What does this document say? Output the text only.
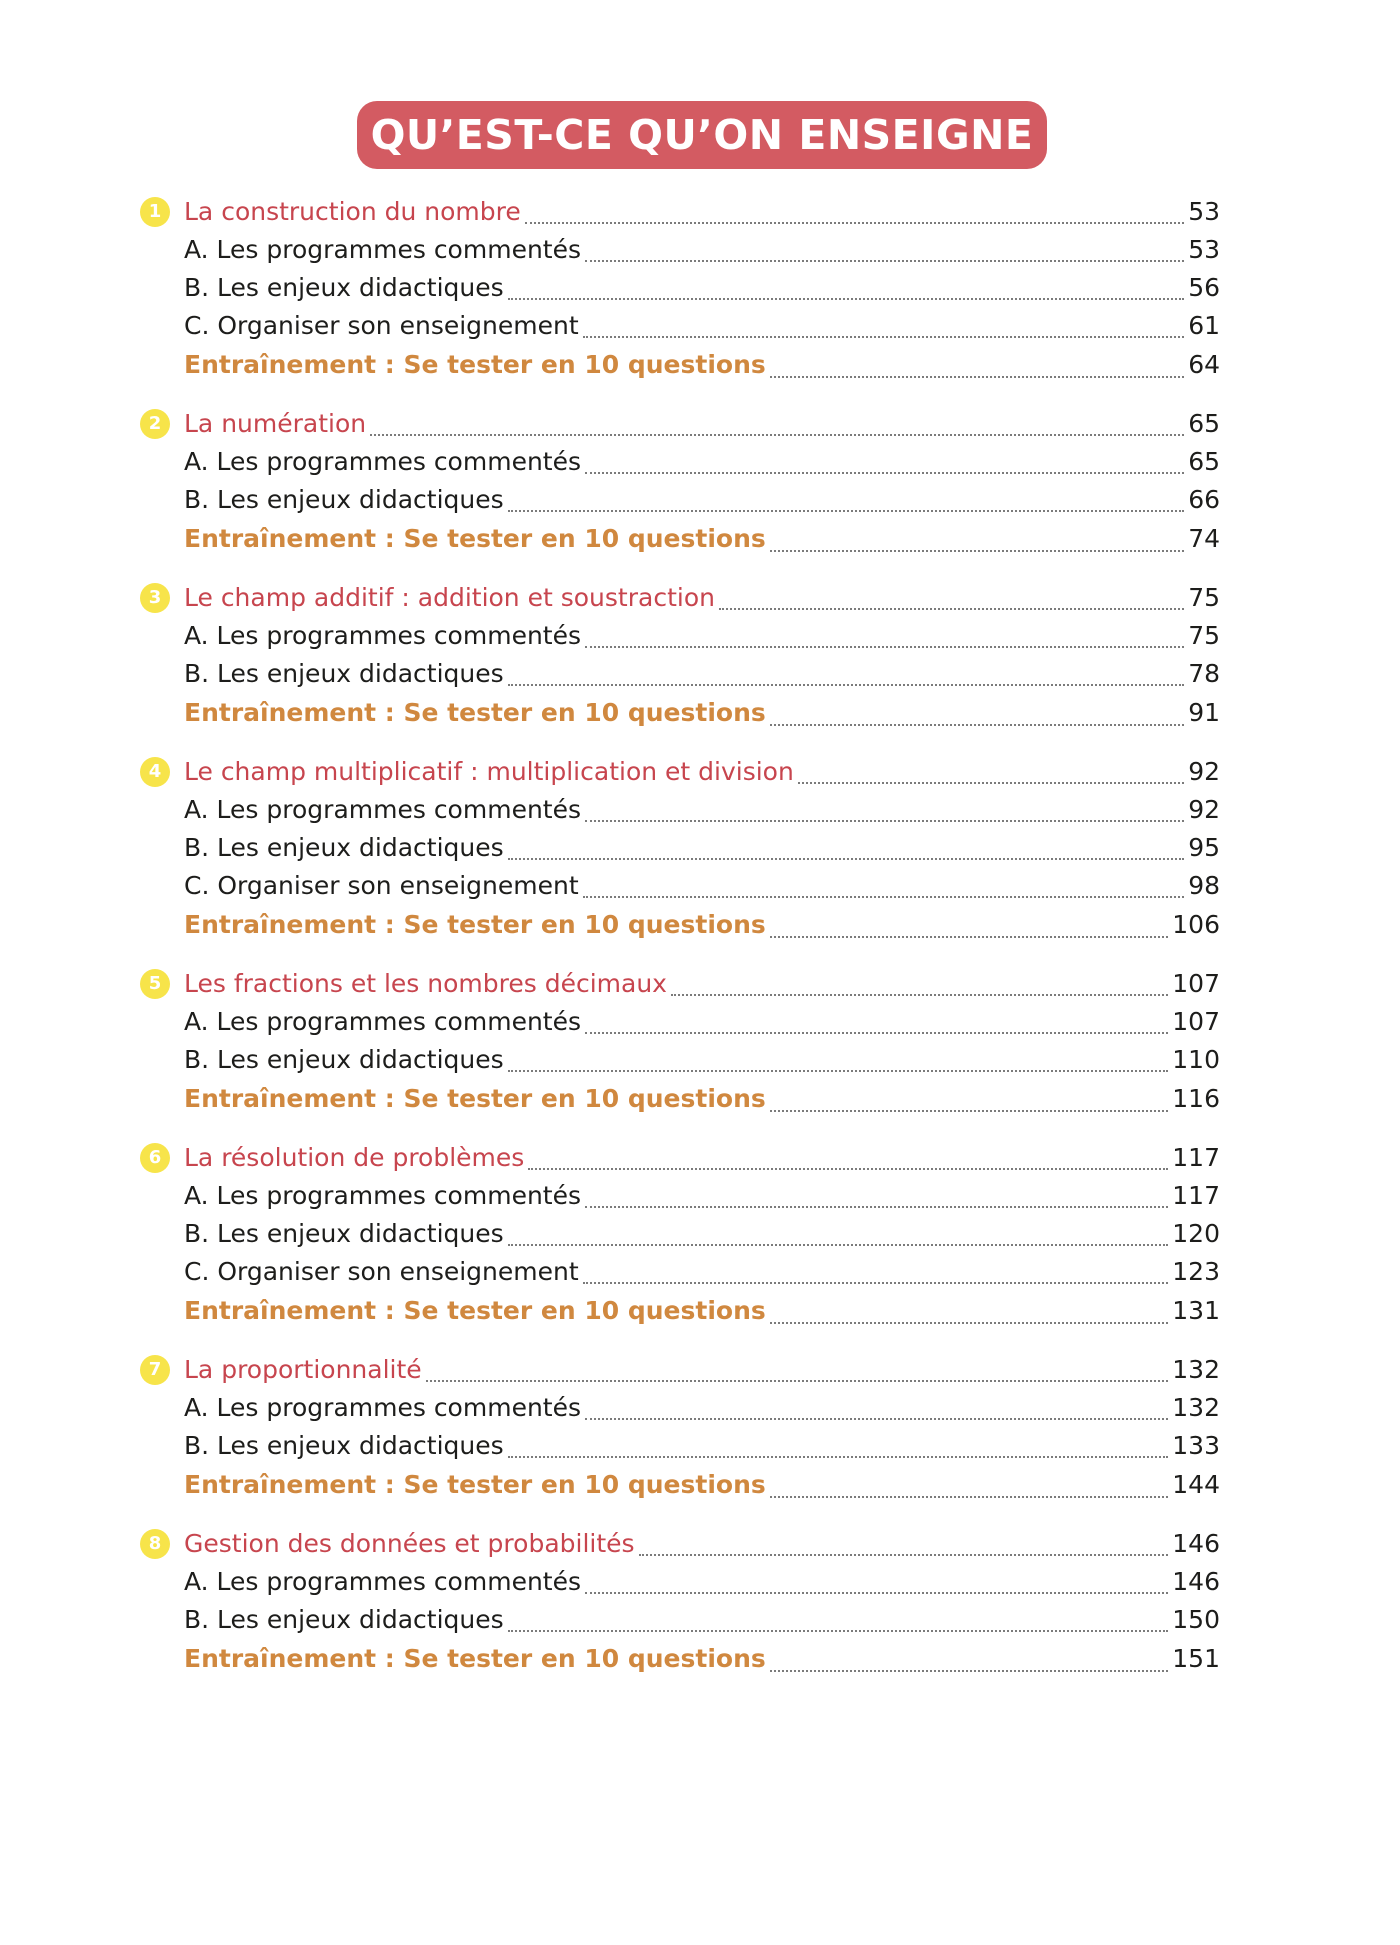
QU’EST-CE QU’ON ENSEIGNE ?
1 La construction du nombre	53
A. Les programmes commentés	53
B. Les enjeux didactiques	56
C. Organiser son enseignement	61
Entraînement : Se tester en 10 questions	64
2 La numération	65
A. Les programmes commentés	65
B. Les enjeux didactiques	66
Entraînement : Se tester en 10 questions	74
3 Le champ additif : addition et soustraction	75
A. Les programmes commentés	75
B. Les enjeux didactiques	78
Entraînement : Se tester en 10 questions	91
4 Le champ multiplicatif : multiplication et division	92
A. Les programmes commentés	92
B. Les enjeux didactiques	95
C. Organiser son enseignement	98
Entraînement : Se tester en 10 questions	106
5 Les fractions et les nombres décimaux	107
A. Les programmes commentés	107
B. Les enjeux didactiques	110
Entraînement : Se tester en 10 questions	116
6 La résolution de problèmes	117
A. Les programmes commentés	117
B. Les enjeux didactiques	120
C. Organiser son enseignement	123
Entraînement : Se tester en 10 questions	131
7 La proportionnalité	132
A. Les programmes commentés	132
B. Les enjeux didactiques	133
Entraînement : Se tester en 10 questions	144
8 Gestion des données et probabilités	146
A. Les programmes commentés	146
B. Les enjeux didactiques	150
Entraînement : Se tester en 10 questions	151
